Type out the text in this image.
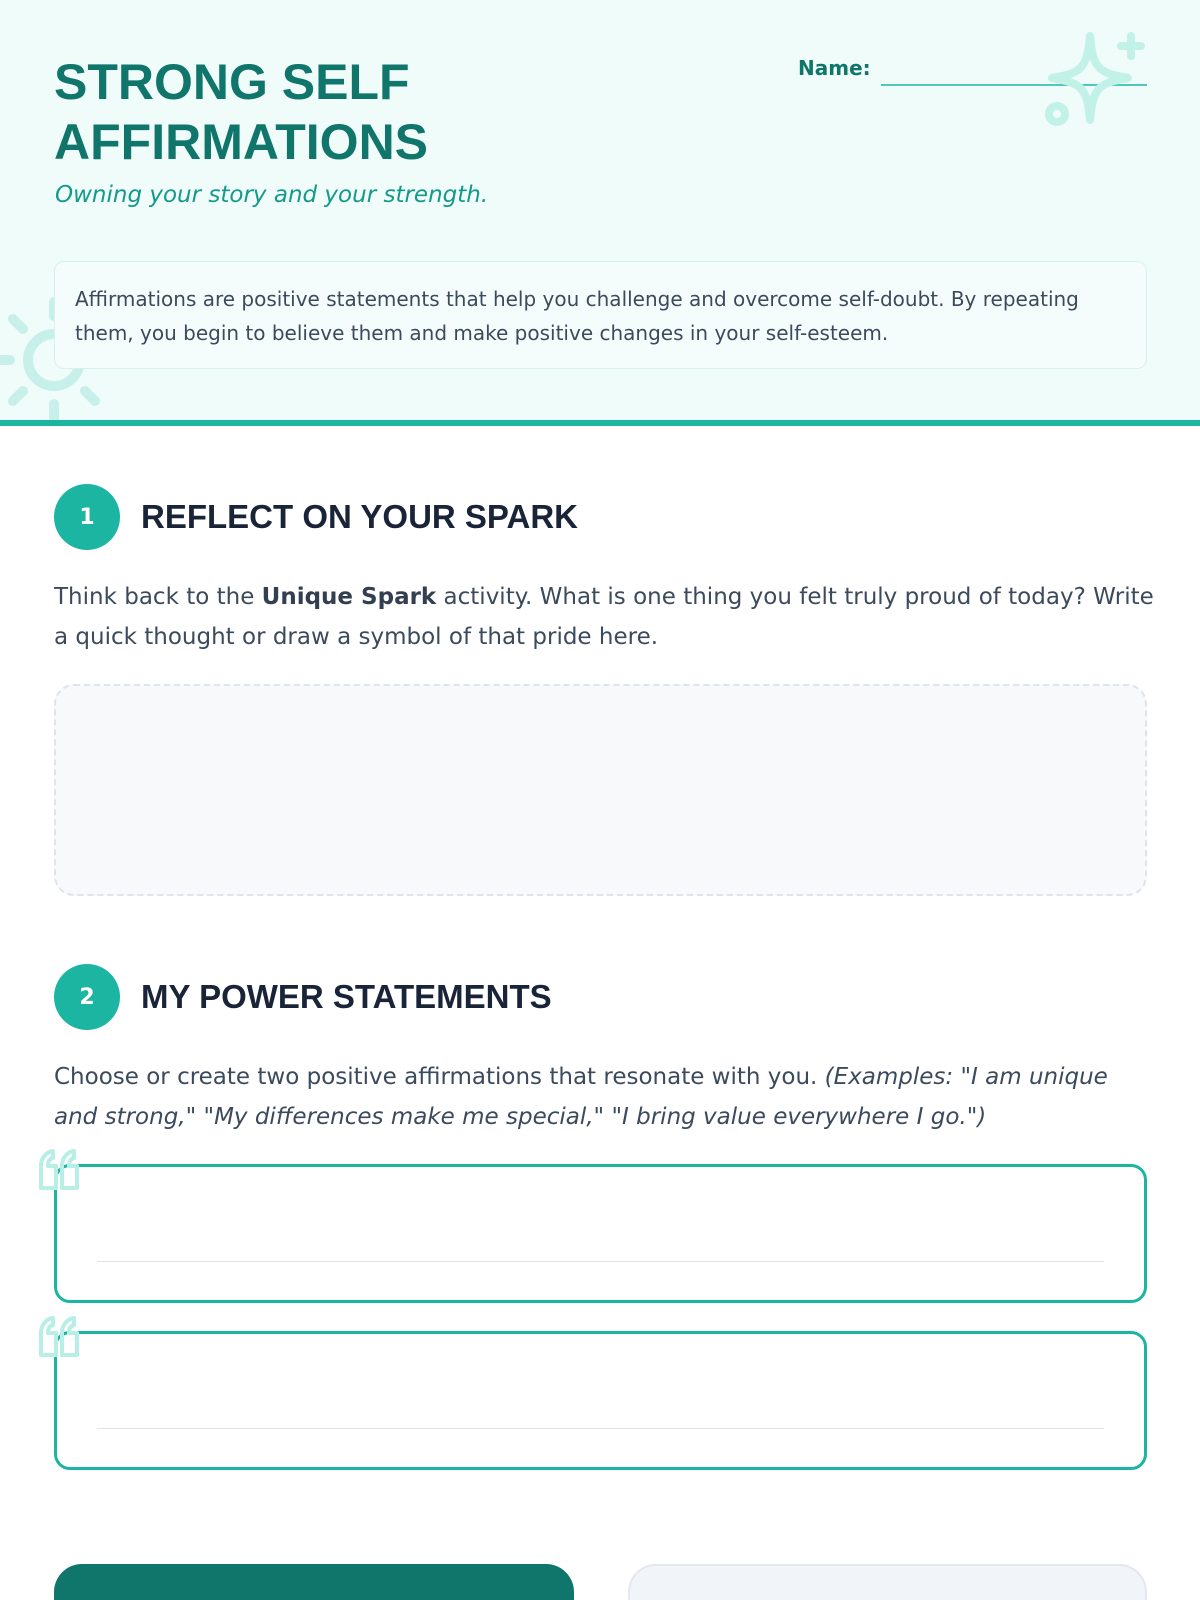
STRONG SELF
AFFIRMATIONS
Owning your story and your strength.
Name:
Affirmations are positive statements that help you challenge and overcome self-doubt. By repeating them, you begin to believe them and make positive changes in your self-esteem.
1	REFLECT ON YOUR SPARK
Think back to the Unique Spark activity. What is one thing you felt truly proud of today? Write a quick thought or draw a symbol of that pride here.
2	MY POWER STATEMENTS
Choose or create two positive affirmations that resonate with you. (Examples: "I am unique and strong," "My differences make me special," "I bring value everywhere I go.")
